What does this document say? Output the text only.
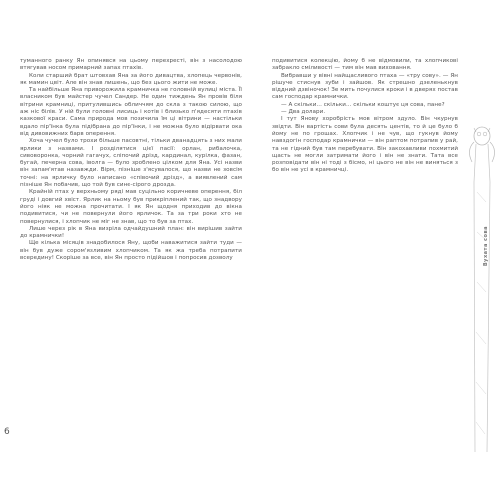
6

туманного ранку Ян опинявся на цьому перехресті, він з насолодою втягував носом примарний запах птахів.

Коли старший брат штовхав Яна за його дивацтва, хлопець червонів, як мамин цвіт. Але він знав лишень, що без цього жити не може.

Та найбільше Яна приворожила крамничка не головній вулиці міста. Її власником був майстер чучел Сандер. Не один тиждень Ян провів біля вітрини крамниці, притулившись обличчям до скла з такою силою, що аж ніс білів. У ній були головні лисиць і котів і близько п'ядесяти птахів казкової краси. Сама природа мов позичила їм ці вітрини — настільки вдало пір'їнка була підібрана до пір'їнки, і не можна було відірвати ока від дивовижних барв оперення.

Хоча чучел було трохи більше пасовтні, тільки дванадцять з них мали ярлики з назвами. І розділятися цієї пасії: орлан, рибалочка, сивоворонка, чорний гагачух, сліпочий дрізд, кардинал, курілка, фазан, бугай, печерна сова, іволга — було зроблено цілком для Яна. Усі назви він запам'ятав назавжди. Вірм, пізніше з'ясувалося, що назви не зовсім точні: на ярличку було написано «співочий дрізд», а виявлений сам пізніше Ян побачив, що той був синє-сірого дрозда.

Крайній птах у верхньому ряді мав суцільно коричневе оперення, біл груді і довгий хвіст. Ярлик на ньому був прикріплений так, що знадвору його ніяк не можна прочитати. І як Ян щодня приходив до вікна подивитися, чи не повернули його ярличок. Та за три роки хто не повернулися, і хлопчик не міг не знав, що то був за птах.

Лише через рік в Яна визріла одчайдушний план: він вирішив зайти до крамнички!

Ще кілька місяців знадобилося Яну, щоби наважитися зайти туди — він був дуже сором'язливим хлопчиком. Та як жа треба потрапити всередину! Скоріше за все, він Ян просто підійшов і попросив дозволу

подивитися колекцію, йому б не відмовили, та хлопчикові забракло сміливості — тим він мав виховання.

Вибравши у вівні найщасливого птаха — «тру сову». — Ян рішуче стиснув зуби і зайшов. Як стрешно дзеленькнув віддний дзвіночок! Зе мить почулися кроки і в дверях постав сам господар крамнички.

— А скільки... скільки... скільки коштує ця сова, пане?

— Два долари.

І тут Янову хоробрість мов вітром здуло. Він чкурнув звідти. Він вартість сови була десять центів, то й це було б йому не по грошах. Хлопчик і не чув, що гукнув йому навздогін господар крамнички — він раптом потрапив у рай, та не гідний був там перебувати. Він закохавливи похмитий щасть не могли затримати його і він не знати. Тата все розповідати він ні тоді з бісмо, ні цього не він не виняться з бо він не усі в крамничці.

Вухата сова
